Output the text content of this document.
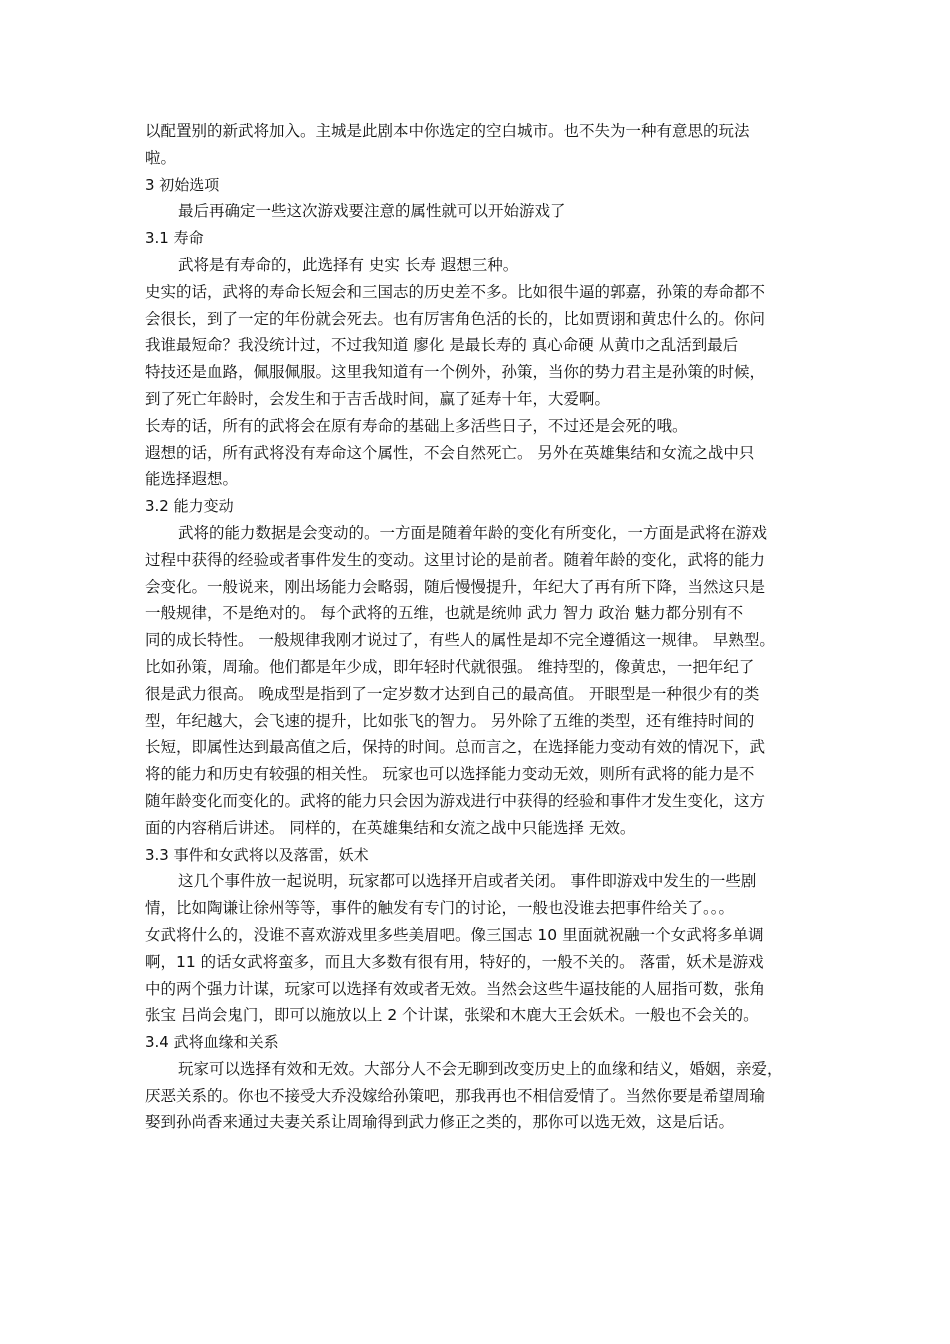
以配置别的新武将加入。主城是此剧本中你选定的空白城市。也不失为一种有意思的玩法
啦。
3 初始选项
最后再确定一些这次游戏要注意的属性就可以开始游戏了
3.1 寿命
武将是有寿命的，此选择有 史实 长寿 遐想三种。
史实的话，武将的寿命长短会和三国志的历史差不多。比如很牛逼的郭嘉，孙策的寿命都不
会很长，到了一定的年份就会死去。也有厉害角色活的长的，比如贾诩和黄忠什么的。你问
我谁最短命？我没统计过，不过我知道 廖化 是最长寿的 真心命硬 从黄巾之乱活到最后
特技还是血路，佩服佩服。这里我知道有一个例外，孙策，当你的势力君主是孙策的时候，
到了死亡年龄时，会发生和于吉舌战时间，赢了延寿十年，大爱啊。
长寿的话，所有的武将会在原有寿命的基础上多活些日子，不过还是会死的哦。
遐想的话，所有武将没有寿命这个属性，不会自然死亡。 另外在英雄集结和女流之战中只
能选择遐想。
3.2 能力变动
武将的能力数据是会变动的。一方面是随着年龄的变化有所变化，一方面是武将在游戏
过程中获得的经验或者事件发生的变动。这里讨论的是前者。随着年龄的变化，武将的能力
会变化。一般说来，刚出场能力会略弱，随后慢慢提升，年纪大了再有所下降，当然这只是
一般规律，不是绝对的。 每个武将的五维，也就是统帅 武力 智力 政治 魅力都分别有不
同的成长特性。 一般规律我刚才说过了，有些人的属性是却不完全遵循这一规律。 早熟型。
比如孙策，周瑜。他们都是年少成，即年轻时代就很强。 维持型的，像黄忠，一把年纪了
很是武力很高。 晚成型是指到了一定岁数才达到自己的最高值。 开眼型是一种很少有的类
型，年纪越大，会飞速的提升，比如张飞的智力。 另外除了五维的类型，还有维持时间的
长短，即属性达到最高值之后，保持的时间。总而言之，在选择能力变动有效的情况下，武
将的能力和历史有较强的相关性。 玩家也可以选择能力变动无效，则所有武将的能力是不
随年龄变化而变化的。武将的能力只会因为游戏进行中获得的经验和事件才发生变化，这方
面的内容稍后讲述。 同样的，在英雄集结和女流之战中只能选择 无效。
3.3 事件和女武将以及落雷，妖术
这几个事件放一起说明，玩家都可以选择开启或者关闭。 事件即游戏中发生的一些剧
情，比如陶谦让徐州等等，事件的触发有专门的讨论，一般也没谁去把事件给关了。。。
女武将什么的，没谁不喜欢游戏里多些美眉吧。像三国志 10 里面就祝融一个女武将多单调
啊，11 的话女武将蛮多，而且大多数有很有用，特好的，一般不关的。 落雷，妖术是游戏
中的两个强力计谋，玩家可以选择有效或者无效。当然会这些牛逼技能的人屈指可数，张角
张宝 吕尚会鬼门，即可以施放以上 2 个计谋，张梁和木鹿大王会妖术。一般也不会关的。
3.4 武将血缘和关系
玩家可以选择有效和无效。大部分人不会无聊到改变历史上的血缘和结义，婚姻，亲爱，
厌恶关系的。你也不接受大乔没嫁给孙策吧，那我再也不相信爱情了。当然你要是希望周瑜
娶到孙尚香来通过夫妻关系让周瑜得到武力修正之类的，那你可以选无效，这是后话。
